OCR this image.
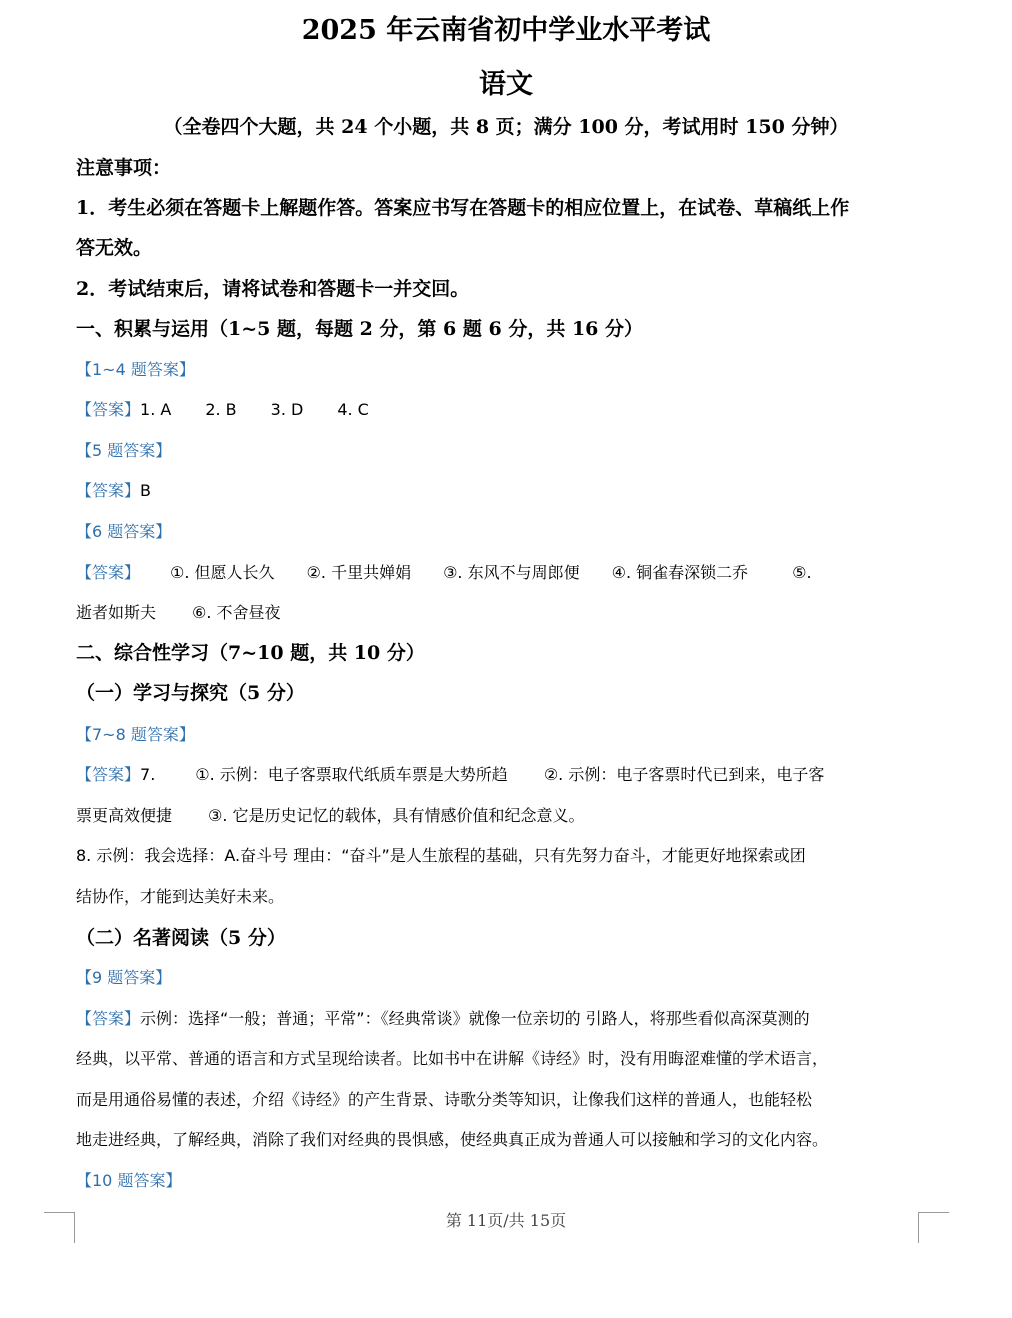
2025 年云南省初中学业水平考试
语文
（全卷四个大题，共 24 个小题，共 8 页；满分 100 分，考试用时 150 分钟）
注意事项：
1．考生必须在答题卡上解题作答。答案应书写在答题卡的相应位置上，在试卷、草稿纸上作
答无效。
2．考试结束后，请将试卷和答题卡一并交回。
一、积累与运用（1~5 题，每题 2 分，第 6 题 6 分，共 16 分）
【1~4 题答案】
【答案】1. A 2. B 3. D 4. C
【5 题答案】
【答案】B
【6 题答案】
【答案】 ①. 但愿人长久 ②. 千里共婵娟 ③. 东风不与周郎便 ④. 铜雀春深锁二乔	⑤.
逝者如斯夫 ⑥. 不舍昼夜
二、综合性学习（7~10 题，共 10 分）
（一）学习与探究（5 分）
【7~8 题答案】
【答案】7.	①. 示例：电子客票取代纸质车票是大势所趋 ②. 示例：电子客票时代已到来，电子客
票更高效便捷 ③. 它是历史记忆的载体，具有情感价值和纪念意义。
8. 示例：我会选择：A.奋斗号 理由：“奋斗”是人生旅程的基础，只有先努力奋斗，才能更好地探索或团
结协作，才能到达美好未来。
（二）名著阅读（5 分）
【9 题答案】
【答案】示例：选择“一般；普通；平常”：《经典常谈》就像一位亲切的 引路人，将那些看似高深莫测的
经典，以平常、普通的语言和方式呈现给读者。比如书中在讲解《诗经》时，没有用晦涩难懂的学术语言，
而是用通俗易懂的表述，介绍《诗经》的产生背景、诗歌分类等知识，让像我们这样的普通人，也能轻松
地走进经典，了解经典，消除了我们对经典的畏惧感，使经典真正成为普通人可以接触和学习的文化内容。
【10 题答案】
第 11页/共 15页
